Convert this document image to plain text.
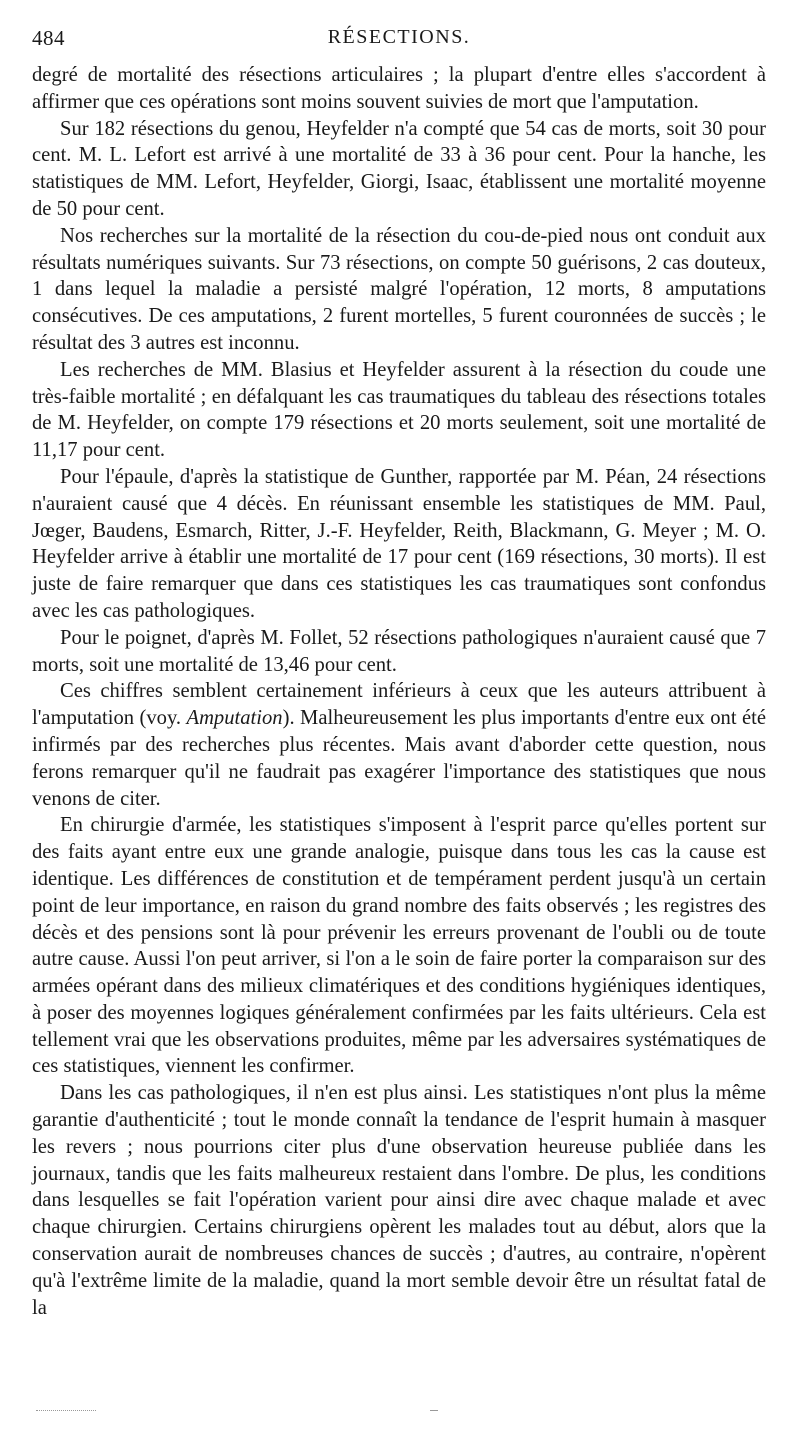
484	RÉSECTIONS.

degré de mortalité des résections articulaires ; la plupart d'entre elles s'accordent à affirmer que ces opérations sont moins souvent suivies de mort que l'amputation.

Sur 182 résections du genou, Heyfelder n'a compté que 54 cas de morts, soit 30 pour cent. M. L. Lefort est arrivé à une mortalité de 33 à 36 pour cent. Pour la hanche, les statistiques de MM. Lefort, Heyfelder, Giorgi, Isaac, établissent une mortalité moyenne de 50 pour cent.

Nos recherches sur la mortalité de la résection du cou-de-pied nous ont conduit aux résultats numériques suivants. Sur 73 résections, on compte 50 guérisons, 2 cas douteux, 1 dans lequel la maladie a persisté malgré l'opération, 12 morts, 8 amputations consécutives. De ces amputations, 2 furent mortelles, 5 furent couronnées de succès ; le résultat des 3 autres est inconnu.

Les recherches de MM. Blasius et Heyfelder assurent à la résection du coude une très-faible mortalité ; en défalquant les cas traumatiques du tableau des résections totales de M. Heyfelder, on compte 179 résections et 20 morts seulement, soit une mortalité de 11,17 pour cent.

Pour l'épaule, d'après la statistique de Gunther, rapportée par M. Péan, 24 résections n'auraient causé que 4 décès. En réunissant ensemble les statistiques de MM. Paul, Jœger, Baudens, Esmarch, Ritter, J.-F. Heyfelder, Reith, Blackmann, G. Meyer ; M. O. Heyfelder arrive à établir une mortalité de 17 pour cent (169 résections, 30 morts). Il est juste de faire remarquer que dans ces statistiques les cas traumatiques sont confondus avec les cas pathologiques.

Pour le poignet, d'après M. Follet, 52 résections pathologiques n'auraient causé que 7 morts, soit une mortalité de 13,46 pour cent.

Ces chiffres semblent certainement inférieurs à ceux que les auteurs attribuent à l'amputation (voy. Amputation). Malheureusement les plus importants d'entre eux ont été infirmés par des recherches plus récentes. Mais avant d'aborder cette question, nous ferons remarquer qu'il ne faudrait pas exagérer l'importance des statistiques que nous venons de citer.

En chirurgie d'armée, les statistiques s'imposent à l'esprit parce qu'elles portent sur des faits ayant entre eux une grande analogie, puisque dans tous les cas la cause est identique. Les différences de constitution et de tempérament perdent jusqu'à un certain point de leur importance, en raison du grand nombre des faits observés ; les registres des décès et des pensions sont là pour prévenir les erreurs provenant de l'oubli ou de toute autre cause. Aussi l'on peut arriver, si l'on a le soin de faire porter la comparaison sur des armées opérant dans des milieux climatériques et des conditions hygiéniques identiques, à poser des moyennes logiques généralement confirmées par les faits ultérieurs. Cela est tellement vrai que les observations produites, même par les adversaires systématiques de ces statistiques, viennent les confirmer.

Dans les cas pathologiques, il n'en est plus ainsi. Les statistiques n'ont plus la même garantie d'authenticité ; tout le monde connaît la tendance de l'esprit humain à masquer les revers ; nous pourrions citer plus d'une observation heureuse publiée dans les journaux, tandis que les faits malheureux restaient dans l'ombre. De plus, les conditions dans lesquelles se fait l'opération varient pour ainsi dire avec chaque malade et avec chaque chirurgien. Certains chirurgiens opèrent les malades tout au début, alors que la conservation aurait de nombreuses chances de succès ; d'autres, au contraire, n'opèrent qu'à l'extrême limite de la maladie, quand la mort semble devoir être un résultat fatal de la
